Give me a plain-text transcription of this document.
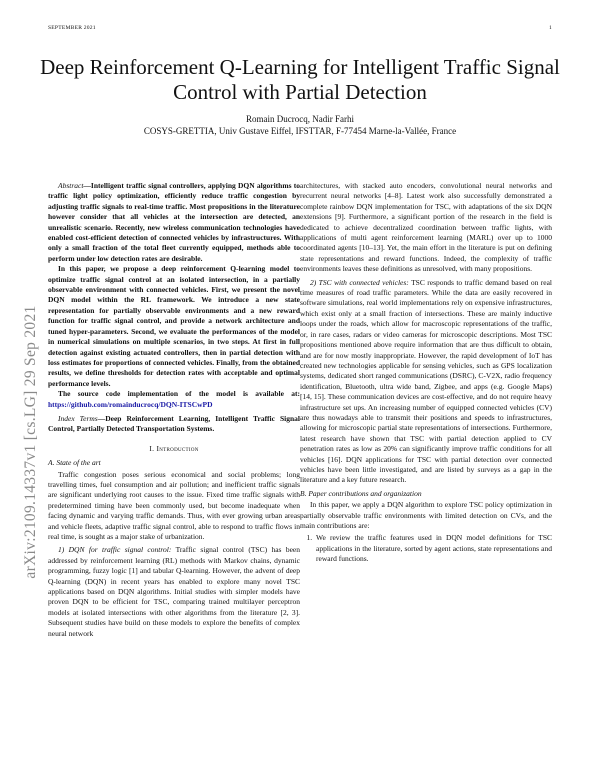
SEPTEMBER 2021	1
Deep Reinforcement Q-Learning for Intelligent Traffic Signal Control with Partial Detection
Romain Ducrocq, Nadir Farhi
COSYS-GRETTIA, Univ Gustave Eiffel, IFSTTAR, F-77454 Marne-la-Vallée, France
arXiv:2109.14337v1 [cs.LG] 29 Sep 2021

Abstract—Intelligent traffic signal controllers, applying DQN algorithms to traffic light policy optimization, efficiently reduce traffic congestion by adjusting traffic signals to real-time traffic. Most propositions in the literature however consider that all vehicles at the intersection are detected, an unrealistic scenario. Recently, new wireless communication technologies have enabled cost-efficient detection of connected vehicles by infrastructures. With only a small fraction of the total fleet currently equipped, methods able to perform under low detection rates are desirable.

In this paper, we propose a deep reinforcement Q-learning model to optimize traffic signal control at an isolated intersection, in a partially observable environment with connected vehicles. First, we present the novel DQN model within the RL framework. We introduce a new state representation for partially observable environments and a new reward function for traffic signal control, and provide a network architecture and tuned hyper-parameters. Second, we evaluate the performances of the model in numerical simulations on multiple scenarios, in two steps. At first in full detection against existing actuated controllers, then in partial detection with loss estimates for proportions of connected vehicles. Finally, from the obtained results, we define thresholds for detection rates with acceptable and optimal performance levels.

The source code implementation of the model is available at: https://github.com/romainducrocq/DQN-ITSCwPD

Index Terms—Deep Reinforcement Learning, Intelligent Traffic Signal Control, Partially Detected Transportation Systems.

I. Introduction

A. State of the art

Traffic congestion poses serious economical and social problems; long travelling times, fuel consumption and air pollution; and inefficient traffic signals are significant underlying root causes to the issue. Fixed time traffic signals with predetermined timing have been commonly used, but become inadequate when facing dynamic and varying traffic demands. Thus, with ever growing urban areas and vehicle fleets, adaptive traffic signal control, able to respond to traffic flows in real time, is sought as a major stake of urbanization.

1) DQN for traffic signal control: Traffic signal control (TSC) has been addressed by reinforcement learning (RL) methods with Markov chains, dynamic programming, fuzzy logic [1] and tabular Q-learning. However, the advent of deep Q-learning (DQN) in recent years has enabled to explore many novel TSC applications based on DQN algorithms. Initial studies with simpler models have proven DQN to be efficient for TSC, comparing trained multilayer perceptron models at isolated intersections with other algorithms from the literature [2, 3]. Subsequent studies have build on these models to explore the benefits of complex neural network

architectures, with stacked auto encoders, convolutional neural networks and recurrent neural networks [4–8]. Latest work also successfully demonstrated a complete rainbow DQN implementation for TSC, with adaptations of the six DQN extensions [9]. Furthermore, a significant portion of the research in the field is dedicated to achieve decentralized coordination between traffic lights, with applications of multi agent reinforcement learning (MARL) over up to 1000 coordinated agents [10–13]. Yet, the main effort in the literature is put on defining state representations and reward functions. Indeed, the complexity of traffic environments leaves these definitions as unresolved, with many propositions.

2) TSC with connected vehicles: TSC responds to traffic demand based on real time measures of road traffic parameters. While the data are easily recovered in software simulations, real world implementations rely on expensive infrastructures, which exist only at a small fraction of intersections. These are mainly inductive loops under the roads, which allow for macroscopic representations of the traffic, or, in rare cases, radars or video cameras for microscopic descriptions. Most TSC propositions mentioned above require information that are thus difficult to obtain, and are for now mostly inappropriate. However, the rapid development of IoT has created new technologies applicable for sensing vehicles, such as GPS localization systems, dedicated short ranged communications (DSRC), C-V2X, radio frequency identification, Bluetooth, ultra wide band, Zigbee, and apps (e.g. Google Maps) [14, 15]. These communication devices are cost-effective, and do not require heavy infrastructure set ups. An increasing number of equipped connected vehicles (CV) are thus nowadays able to transmit their positions and speeds to infrastructures, allowing for microscopic partial state representations of intersections. Furthermore, latest research have shown that TSC with partial detection applied to CV penetration rates as low as 20% can significantly improve traffic conditions for all vehicles [16]. DQN applications for TSC with partial detection over connected vehicles have been little investigated, and are listed by surveys as a gap in the literature and a key future research.

B. Paper contributions and organization

In this paper, we apply a DQN algorithm to explore TSC policy optimization in partially observable traffic environments with limited detection on CVs, and the main contributions are:

1. We review the traffic features used in DQN model definitions for TSC applications in the literature, sorted by agent actions, state representations and reward functions.
